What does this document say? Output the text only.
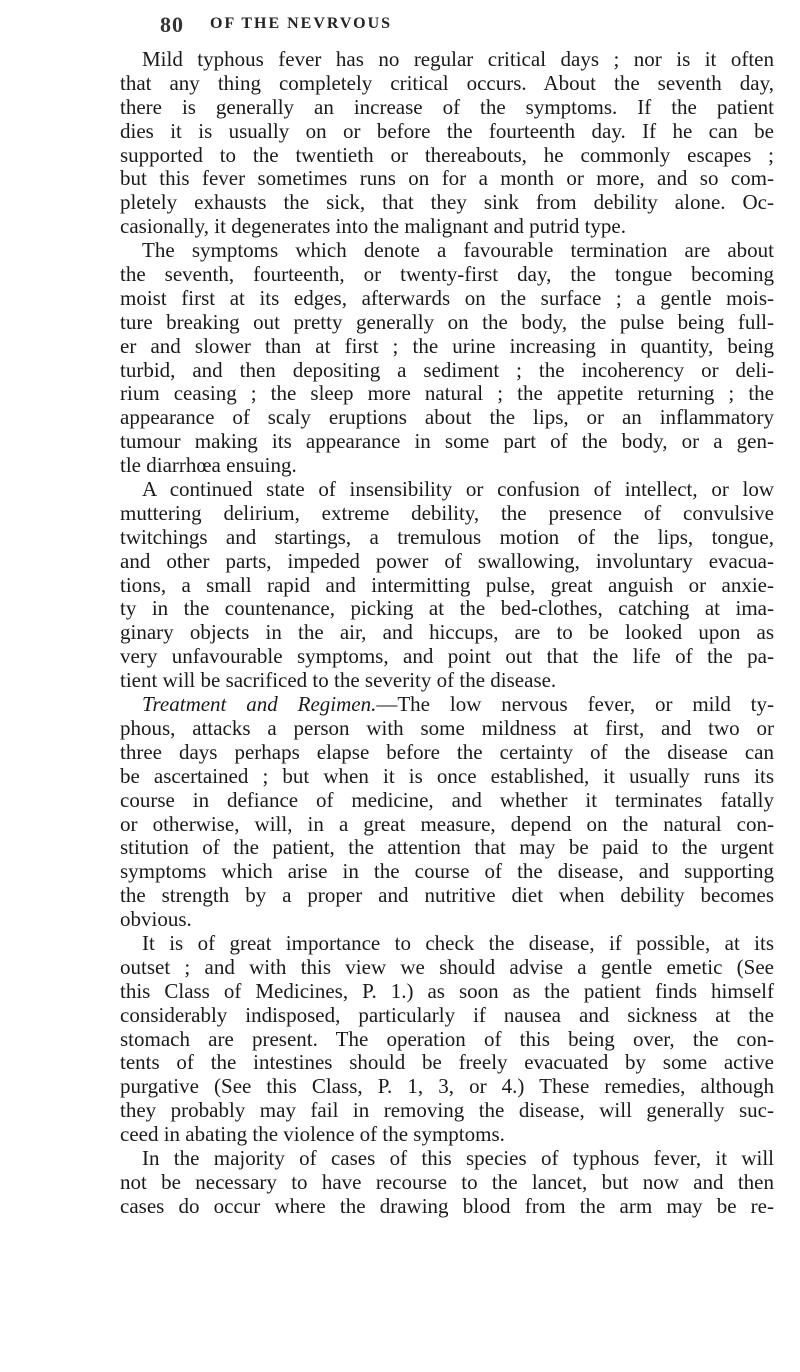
80 OF THE NEVRVOUS
Mild typhous fever has no regular critical days ; nor is it often
that any thing completely critical occurs. About the seventh day,
there is generally an increase of the symptoms. If the patient
dies it is usually on or before the fourteenth day. If he can be
supported to the twentieth or thereabouts, he commonly escapes ;
but this fever sometimes runs on for a month or more, and so com-
pletely exhausts the sick, that they sink from debility alone. Oc-
casionally, it degenerates into the malignant and putrid type.
The symptoms which denote a favourable termination are about
the seventh, fourteenth, or twenty-first day, the tongue becoming
moist first at its edges, afterwards on the surface ; a gentle mois-
ture breaking out pretty generally on the body, the pulse being full-
er and slower than at first ; the urine increasing in quantity, being
turbid, and then depositing a sediment ; the incoherency or deli-
rium ceasing ; the sleep more natural ; the appetite returning ; the
appearance of scaly eruptions about the lips, or an inflammatory
tumour making its appearance in some part of the body, or a gen-
tle diarrhœa ensuing.
A continued state of insensibility or confusion of intellect, or low
muttering delirium, extreme debility, the presence of convulsive
twitchings and startings, a tremulous motion of the lips, tongue,
and other parts, impeded power of swallowing, involuntary evacua-
tions, a small rapid and intermitting pulse, great anguish or anxie-
ty in the countenance, picking at the bed-clothes, catching at ima-
ginary objects in the air, and hiccups, are to be looked upon as
very unfavourable symptoms, and point out that the life of the pa-
tient will be sacrificed to the severity of the disease.
Treatment and Regimen.—The low nervous fever, or mild ty-
phous, attacks a person with some mildness at first, and two or
three days perhaps elapse before the certainty of the disease can
be ascertained ; but when it is once established, it usually runs its
course in defiance of medicine, and whether it terminates fatally
or otherwise, will, in a great measure, depend on the natural con-
stitution of the patient, the attention that may be paid to the urgent
symptoms which arise in the course of the disease, and supporting
the strength by a proper and nutritive diet when debility becomes
obvious.
It is of great importance to check the disease, if possible, at its
outset ; and with this view we should advise a gentle emetic (See
this Class of Medicines, P. 1.) as soon as the patient finds himself
considerably indisposed, particularly if nausea and sickness at the
stomach are present. The operation of this being over, the con-
tents of the intestines should be freely evacuated by some active
purgative (See this Class, P. 1, 3, or 4.) These remedies, although
they probably may fail in removing the disease, will generally suc-
ceed in abating the violence of the symptoms.
In the majority of cases of this species of typhous fever, it will
not be necessary to have recourse to the lancet, but now and then
cases do occur where the drawing blood from the arm may be re-
